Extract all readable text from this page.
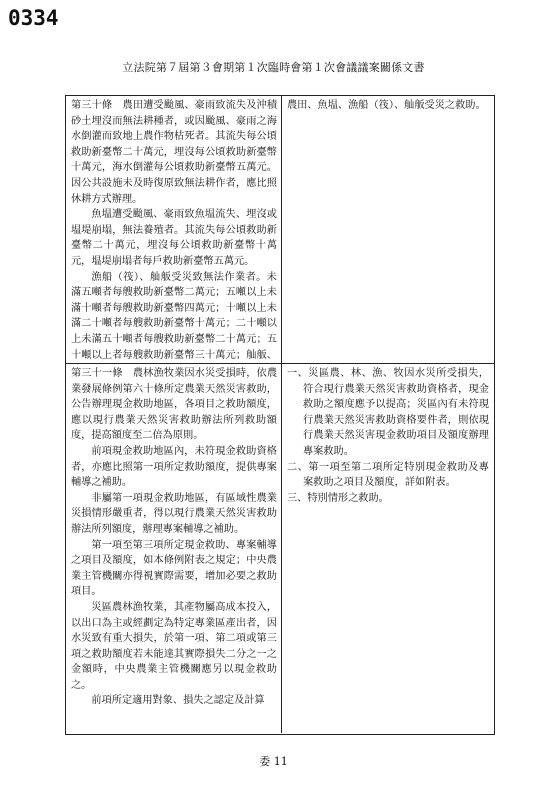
0334
立法院第７屆第３會期第１次臨時會第１次會議議案關係文書

第三十條　 農田遭受颱風、豪雨致流失及沖積砂土埋沒而無法耕種者，或因颱風、豪雨之海水倒灌而致地上農作物枯死者。其流失每公頃救助新臺幣二十萬元，埋沒每公頃救助新臺幣十萬元，海水倒灌每公頃救助新臺幣五萬元。因公共設施未及時復原致無法耕作者，應比照休耕方式辦理。

魚塭遭受颱風、豪雨致魚塭流失、埋沒或塭堤崩塌，無法養殖者。其流失每公頃救助新臺幣二十萬元，埋沒每公頃救助新臺幣十萬元，塭堤崩塌者每戶救助新臺幣五萬元。

漁船（筏）、舢舨受災致無法作業者。未滿五噸者每艘救助新臺幣二萬元；五噸以上未滿十噸者每艘救助新臺幣四萬元；十噸以上未滿二十噸者每艘救助新臺幣十萬元；二十噸以上未滿五十噸者每艘救助新臺幣二十萬元；五十噸以上者每艘救助新臺幣三十萬元；舢舨、

農田、魚塭、漁船（筏）、舢舨受災之救助。

第三十一條　 農林漁牧業因水災受損時，依農業發展條例第六十條所定農業天然災害救助，公告辦理現金救助地區，各項目之救助額度，應以現行農業天然災害救助辦法所列救助額度，提高額度至二倍為原則。

前項現金救助地區內，未符現金救助資格者，亦應比照第一項所定救助額度，提供專案輔導之補助。

非屬第一項現金救助地區，有區域性農業災損情形嚴重者，得以現行農業天然災害救助辦法所列額度，辦理專案輔導之補助。

第一項至第三項所定現金救助、專案輔導之項目及額度，如本條例附表之規定；中央農業主管機關亦得視實際需要，增加必要之救助項目。

災區農林漁牧業，其產物屬高成本投入，以出口為主或經劃定為特定專業區產出者，因水災致有重大損失，於第一項、第二項或第三項之救助額度若未能達其實際損失二分之一之金額時，中央農業主管機關應另以現金救助之。

前項所定適用對象、損失之認定及計算

一、災區農、林、漁、牧因水災所受損失，符合現行農業天然災害救助資格者，現金救助之額度應予以提高；災區內有未符現行農業天然災害救助資格要件者，則依現行農業天然災害現金救助項目及額度辦理專案救助。

二、第一項至第二項所定特別現金救助及專案救助之項目及額度，詳如附表。

三、特別情形之救助。

委 11
